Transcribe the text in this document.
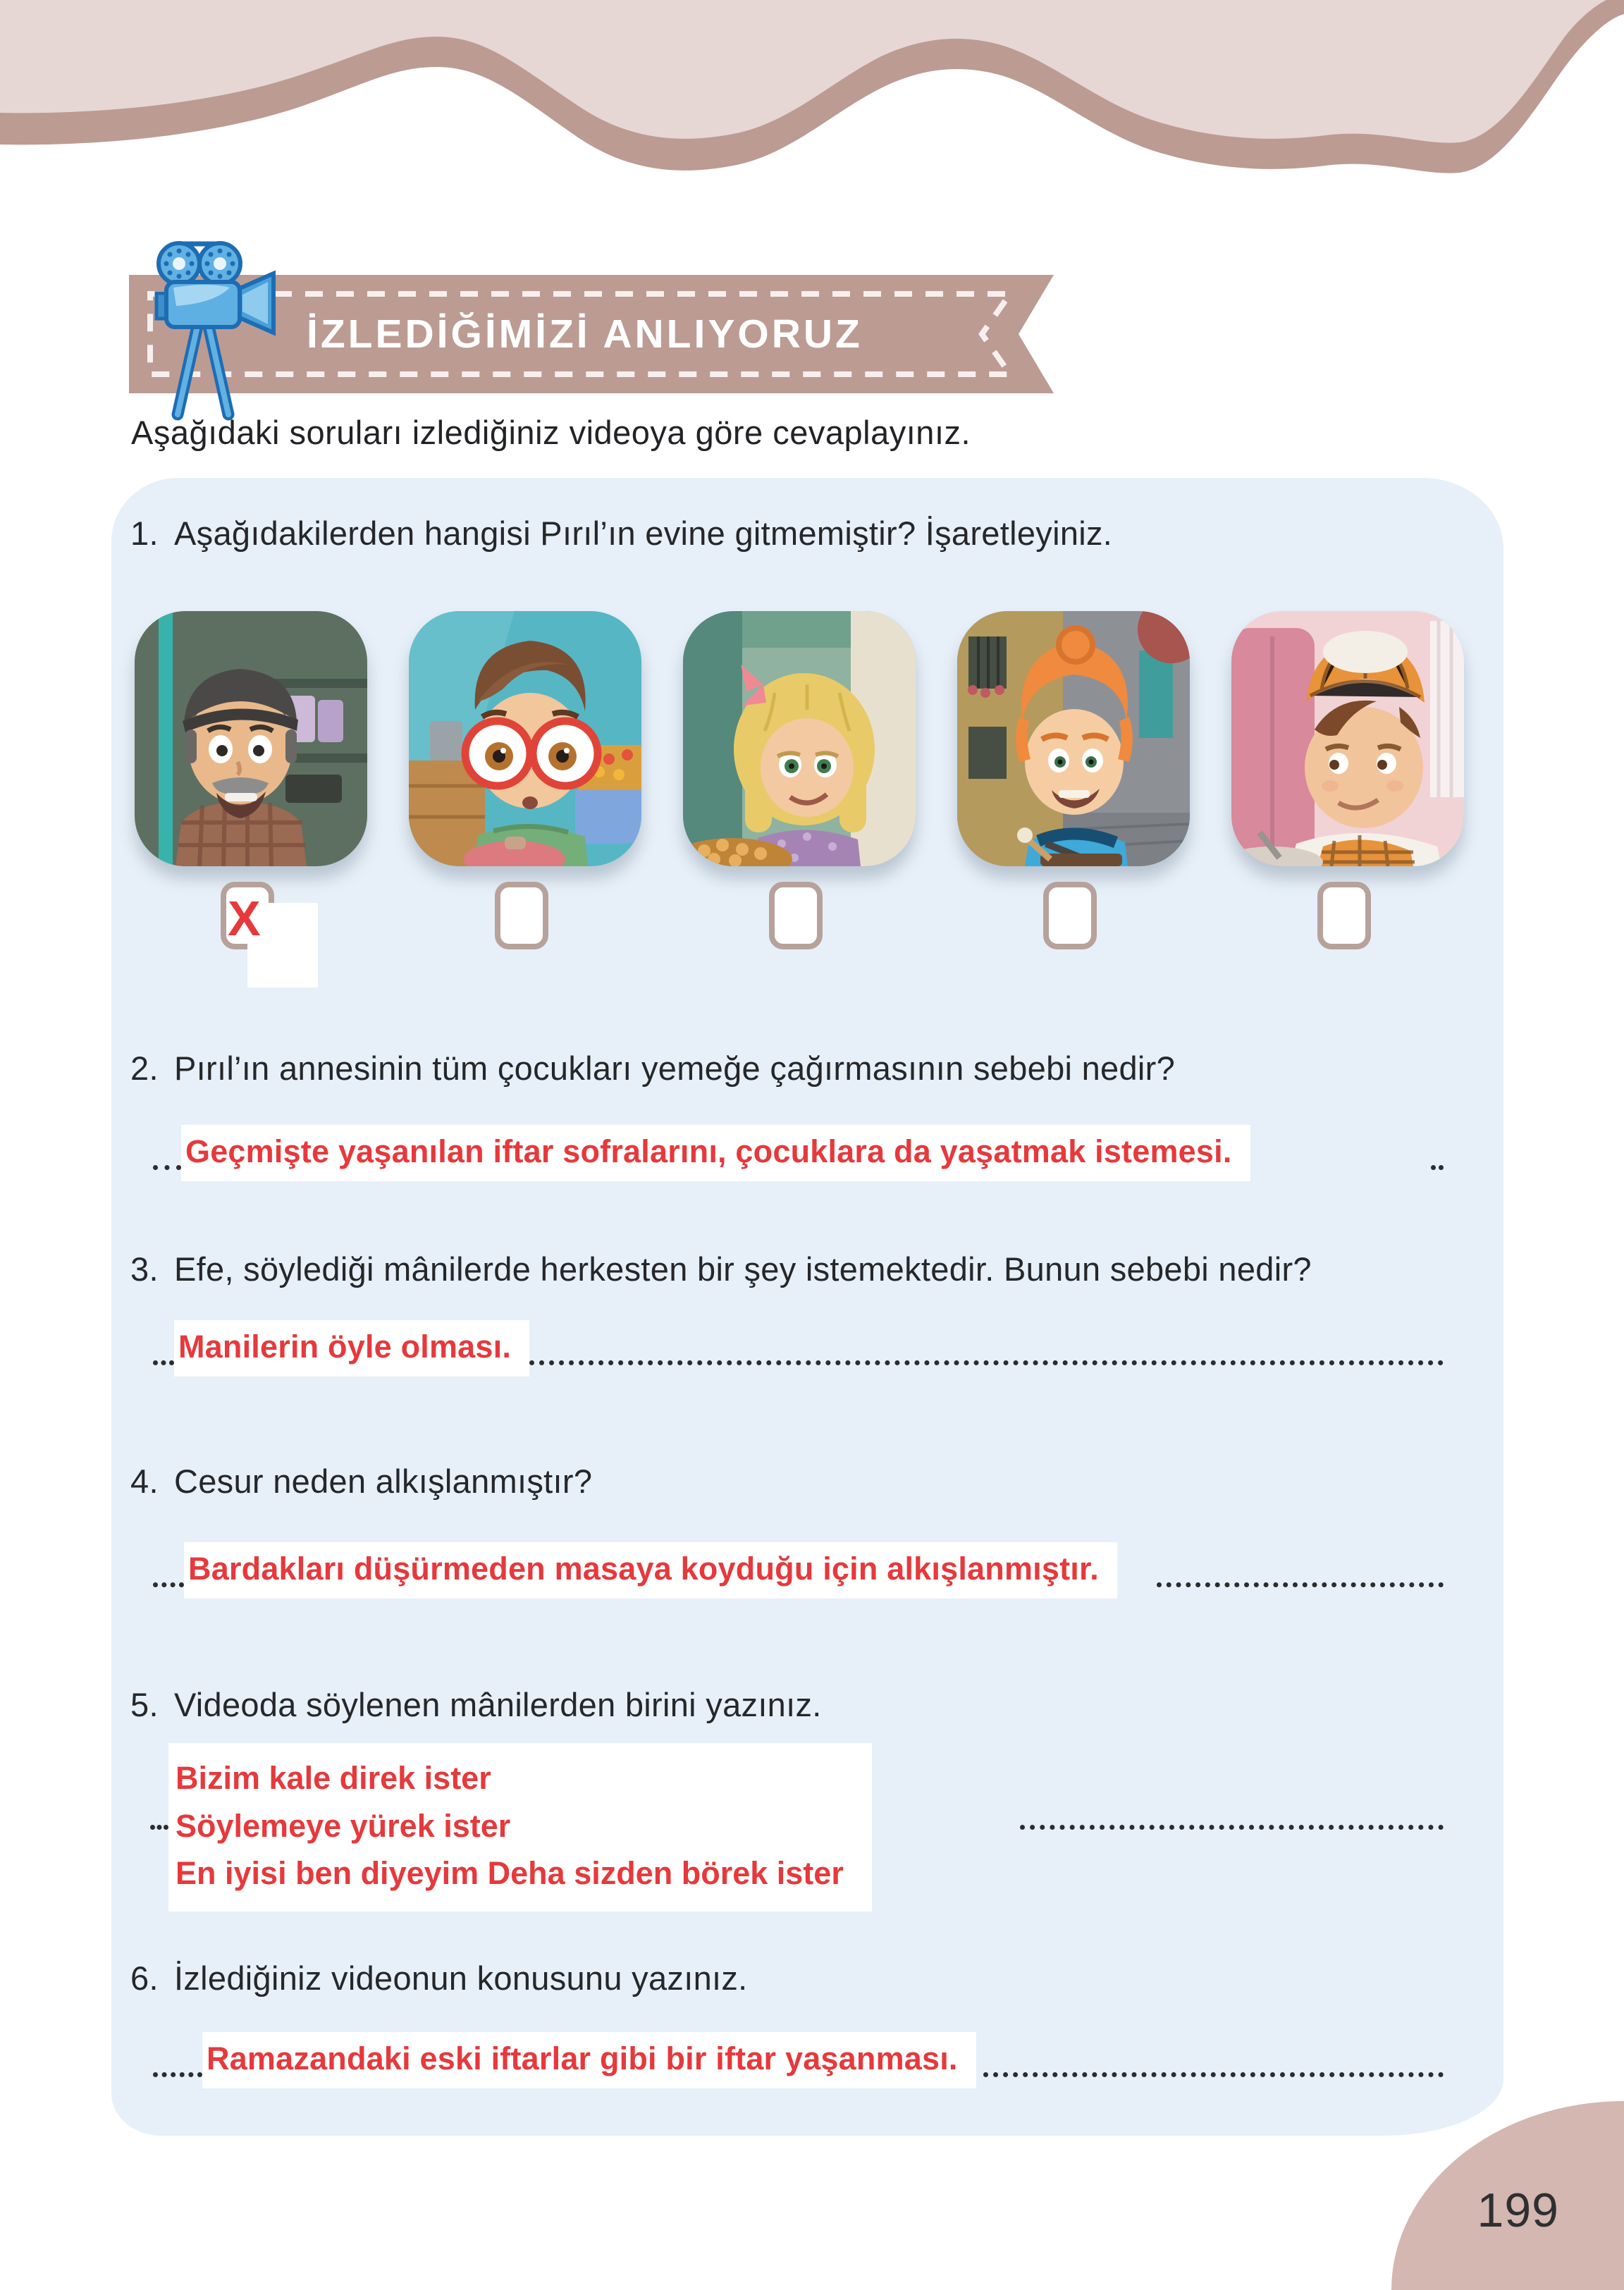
İZLEDİĞİMİZİ ANLIYORUZ
Aşağıdaki soruları izlediğiniz videoya göre cevaplayınız.
1. Aşağıdakilerden hangisi Pırıl’ın evine gitmemiştir? İşaretleyiniz.
X
2. Pırıl’ın annesinin tüm çocukları yemeğe çağırmasının sebebi nedir?
Geçmişte yaşanılan iftar sofralarını, çocuklara da yaşatmak istemesi.
3. Efe, söylediği mânilerde herkesten bir şey istemektedir. Bunun sebebi nedir?
Manilerin öyle olması.
4. Cesur neden alkışlanmıştır?
Bardakları düşürmeden masaya koyduğu için alkışlanmıştır.
5. Videoda söylenen mânilerden birini yazınız.
Bizim kale direk ister
Söylemeye yürek ister
En iyisi ben diyeyim Deha sizden börek ister
6. İzlediğiniz videonun konusunu yazınız.
Ramazandaki eski iftarlar gibi bir iftar yaşanması.
199
